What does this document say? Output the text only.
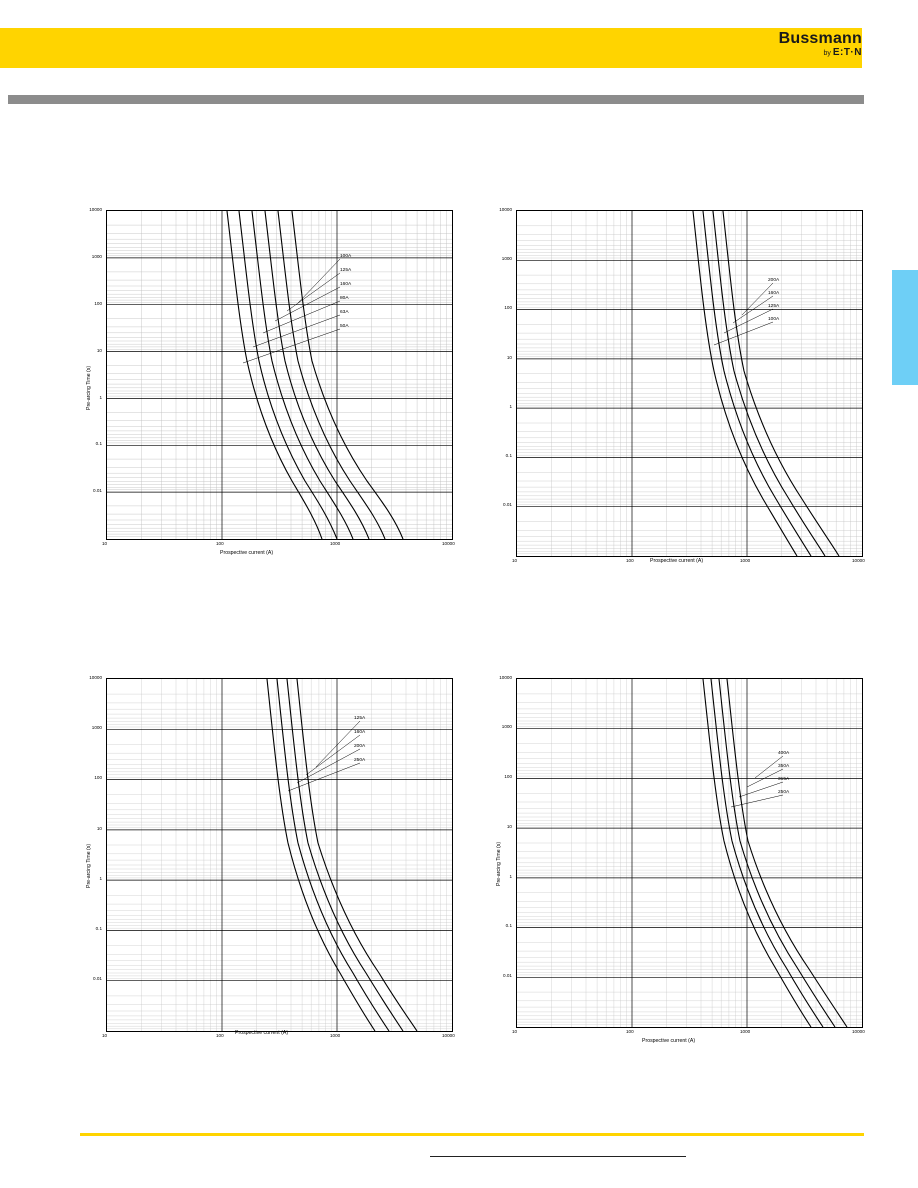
Bussmann
by E:T·N
10000
1000
100
10
1
0.1
0.01
10	100	1000	10000
Prospective current (A)
Pre-arcing Time (s)
100A
125A
160A
80A
63A
50A
10000
1000
100
10
1
0.1
0.01
10	100	1000	10000
Prospective current (A)
200A
160A
125A
100A
10000
1000
100
10
1
0.1
0.01
10	100	1000	10000
Prospective current (A)
Pre-arcing Time (s)
125A
160A
200A
250A
10000
1000
100
10
1
0.1
0.01
10	100	1000	10000
Prospective current (A)
Pre-arcing Time (s)
400A
350A
315A
250A
